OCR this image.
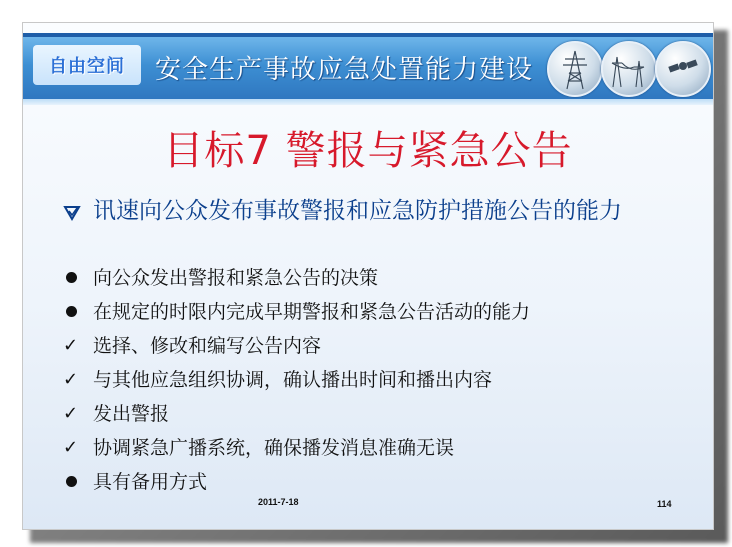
自由空间 安全生产事故应急处置能力建设
目标7 警报与紧急公告
讯速向公众发布事故警报和应急防护措施公告的能力
向公众发出警报和紧急公告的决策
在规定的时限内完成早期警报和紧急公告活动的能力
✓ 选择、修改和编写公告内容
✓ 与其他应急组织协调，确认播出时间和播出内容
✓ 发出警报
✓ 协调紧急广播系统，确保播发消息准确无误
具有备用方式
2011-7-18	114
